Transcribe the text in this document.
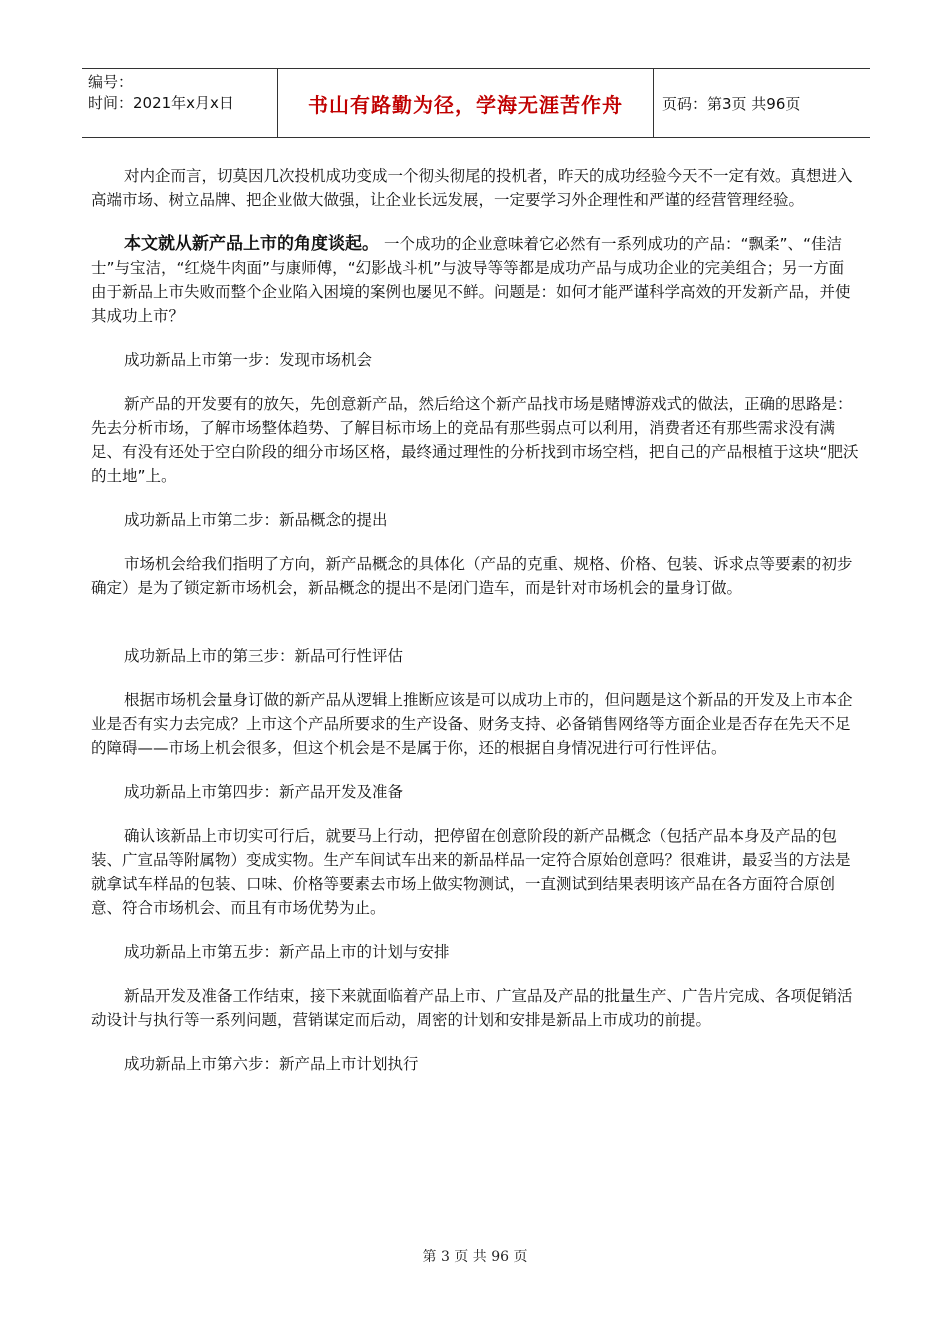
编号：
时间：2021年x月x日	书山有路勤为径，学海无涯苦作舟	页码：第3页 共96页

对内企而言，切莫因几次投机成功变成一个彻头彻尾的投机者，昨天的成功经验今天不一定有效。真想进入高端市场、树立品牌、把企业做大做强，让企业长远发展，一定要学习外企理性和严谨的经营管理经验。

本文就从新产品上市的角度谈起。 一个成功的企业意味着它必然有一系列成功的产品：“飘柔”、“佳洁士”与宝洁，“红烧牛肉面”与康师傅，“幻影战斗机”与波导等等都是成功产品与成功企业的完美组合；另一方面由于新品上市失败而整个企业陷入困境的案例也屡见不鲜。问题是：如何才能严谨科学高效的开发新产品，并使其成功上市？

成功新品上市第一步：发现市场机会

新产品的开发要有的放矢，先创意新产品，然后给这个新产品找市场是赌博游戏式的做法，正确的思路是：先去分析市场，了解市场整体趋势、了解目标市场上的竞品有那些弱点可以利用，消费者还有那些需求没有满足、有没有还处于空白阶段的细分市场区格，最终通过理性的分析找到市场空档，把自己的产品根植于这块“肥沃的土地”上。

成功新品上市第二步：新品概念的提出

市场机会给我们指明了方向，新产品概念的具体化（产品的克重、规格、价格、包装、诉求点等要素的初步确定）是为了锁定新市场机会，新品概念的提出不是闭门造车，而是针对市场机会的量身订做。

成功新品上市的第三步：新品可行性评估

根据市场机会量身订做的新产品从逻辑上推断应该是可以成功上市的，但问题是这个新品的开发及上市本企业是否有实力去完成？上市这个产品所要求的生产设备、财务支持、必备销售网络等方面企业是否存在先天不足的障碍——市场上机会很多，但这个机会是不是属于你，还的根据自身情况进行可行性评估。

成功新品上市第四步：新产品开发及准备

确认该新品上市切实可行后，就要马上行动，把停留在创意阶段的新产品概念（包括产品本身及产品的包装、广宣品等附属物）变成实物。生产车间试车出来的新品样品一定符合原始创意吗？很难讲，最妥当的方法是就拿试车样品的包装、口味、价格等要素去市场上做实物测试，一直测试到结果表明该产品在各方面符合原创意、符合市场机会、而且有市场优势为止。

成功新品上市第五步：新产品上市的计划与安排

新品开发及准备工作结束，接下来就面临着产品上市、广宣品及产品的批量生产、广告片完成、各项促销活动设计与执行等一系列问题，营销谋定而后动，周密的计划和安排是新品上市成功的前提。

成功新品上市第六步：新产品上市计划执行

第 3 页 共 96 页
